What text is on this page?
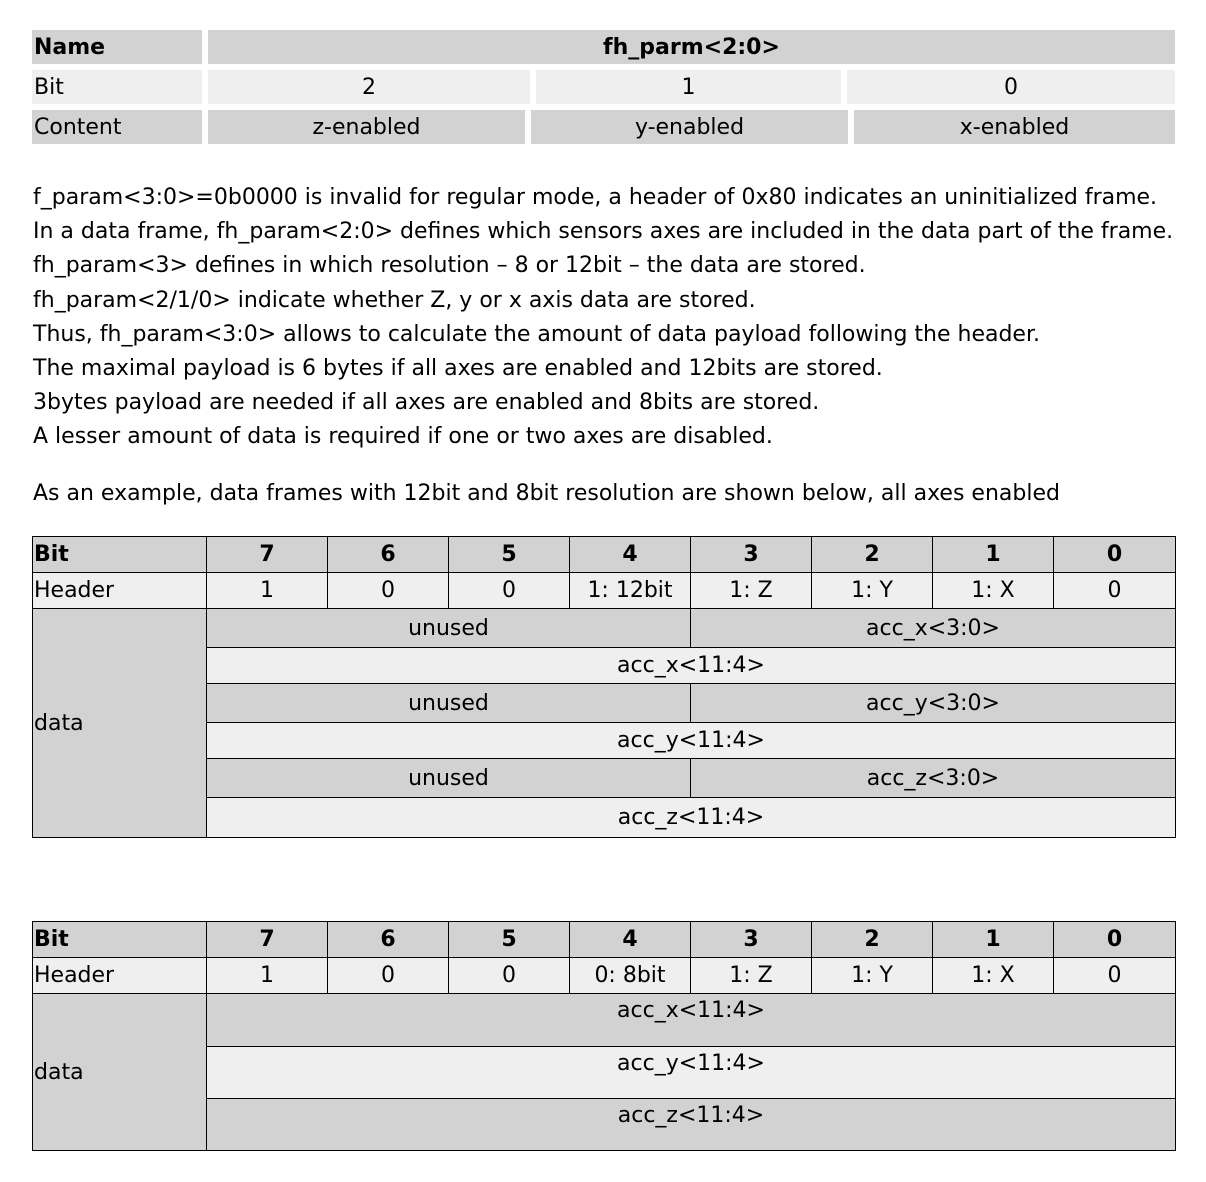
Name	fh_parm<2:0>
Bit	2	1	0
Content	z-enabled	y-enabled	x-enabled

f_param<3:0>=0b0000 is invalid for regular mode, a header of 0x80 indicates an uninitialized frame.

In a data frame, fh_param<2:0> defines which sensors axes are included in the data part of the frame.

fh_param<3> defines in which resolution – 8 or 12bit – the data are stored.

fh_param<2/1/0> indicate whether Z, y or x axis data are stored.

Thus, fh_param<3:0> allows to calculate the amount of data payload following the header.

The maximal payload is 6 bytes if all axes are enabled and 12bits are stored.

3bytes payload are needed if all axes are enabled and 8bits are stored.

A lesser amount of data is required if one or two axes are disabled.

As an example, data frames with 12bit and 8bit resolution are shown below, all axes enabled
Bit	7	6	5	4	3	2	1	0
Header	1	0	0	1: 12bit	1: Z	1: Y	1: X	0
data	unused				acc_x<3:0>			
	acc_x<11:4>							
	unused				acc_y<3:0>			
	acc_y<11:4>							
	unused				acc_z<3:0>			
	acc_z<11:4>							
Bit	7	6	5	4	3	2	1	0
Header	1	0	0	0: 8bit	1: Z	1: Y	1: X	0
data	acc_x<11:4>							
	acc_y<11:4>							
	acc_z<11:4>							
